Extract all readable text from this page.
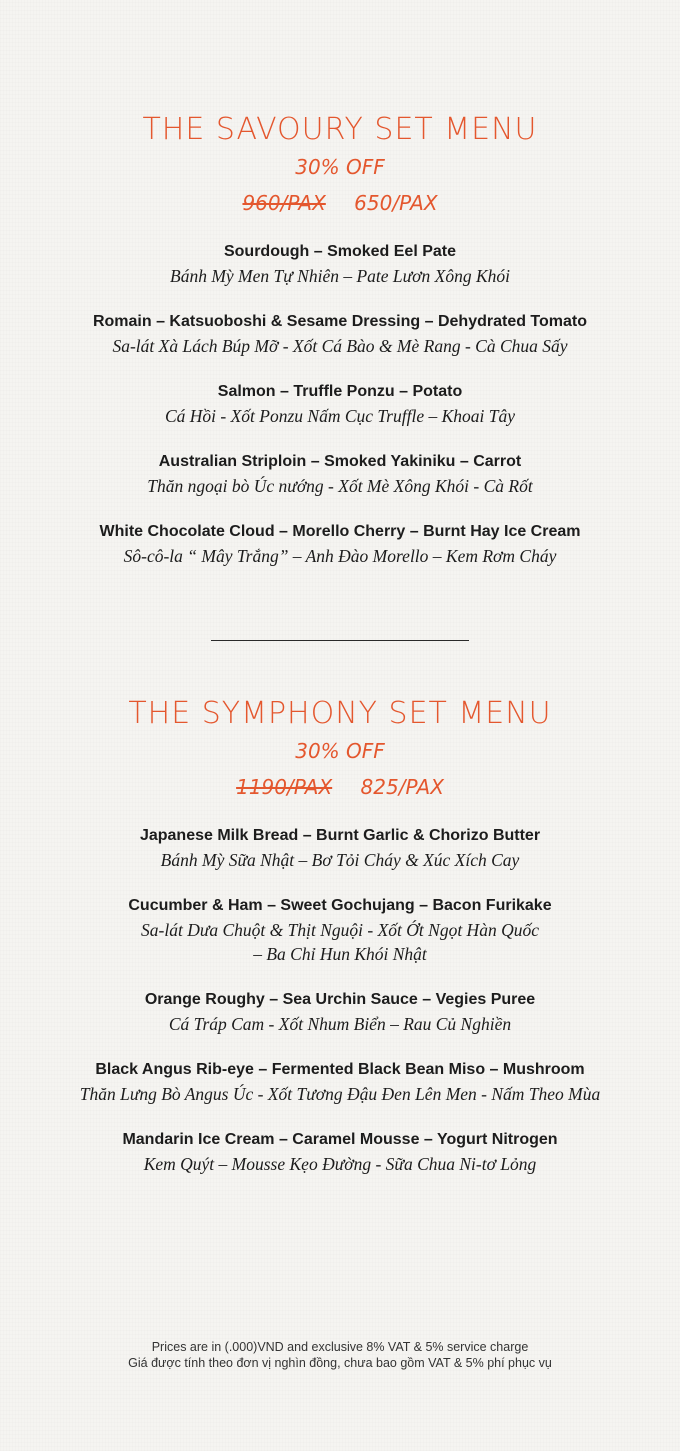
THE SAVOURY SET MENU
30% OFF
960/PAX 650/PAX
Sourdough – Smoked Eel Pate
Bánh Mỳ Men Tự Nhiên – Pate Lươn Xông Khói
Romain – Katsuoboshi & Sesame Dressing – Dehydrated Tomato
Sa-lát Xà Lách Búp Mỡ - Xốt Cá Bào & Mè Rang - Cà Chua Sấy
Salmon – Truffle Ponzu – Potato
Cá Hồi - Xốt Ponzu Nấm Cục Truffle – Khoai Tây
Australian Striploin – Smoked Yakiniku – Carrot
Thăn ngoại bò Úc nướng - Xốt Mè Xông Khói - Cà Rốt
White Chocolate Cloud – Morello Cherry – Burnt Hay Ice Cream
Sô-cô-la “ Mây Trắng” – Anh Đào Morello – Kem Rơm Cháy
THE SYMPHONY SET MENU
30% OFF
1190/PAX 825/PAX
Japanese Milk Bread – Burnt Garlic & Chorizo Butter
Bánh Mỳ Sữa Nhật – Bơ Tỏi Cháy & Xúc Xích Cay
Cucumber & Ham – Sweet Gochujang – Bacon Furikake
Sa-lát Dưa Chuột & Thịt Nguội - Xốt Ớt Ngọt Hàn Quốc
– Ba Chỉ Hun Khói Nhật
Orange Roughy – Sea Urchin Sauce – Vegies Puree
Cá Tráp Cam - Xốt Nhum Biển – Rau Củ Nghiền
Black Angus Rib-eye – Fermented Black Bean Miso – Mushroom
Thăn Lưng Bò Angus Úc - Xốt Tương Đậu Đen Lên Men - Nấm Theo Mùa
Mandarin Ice Cream – Caramel Mousse – Yogurt Nitrogen
Kem Quýt – Mousse Kẹo Đường - Sữa Chua Ni-tơ Lỏng
Prices are in (.000)VND and exclusive 8% VAT & 5% service charge
Giá được tính theo đơn vị nghìn đồng, chưa bao gồm VAT & 5% phí phục vụ
